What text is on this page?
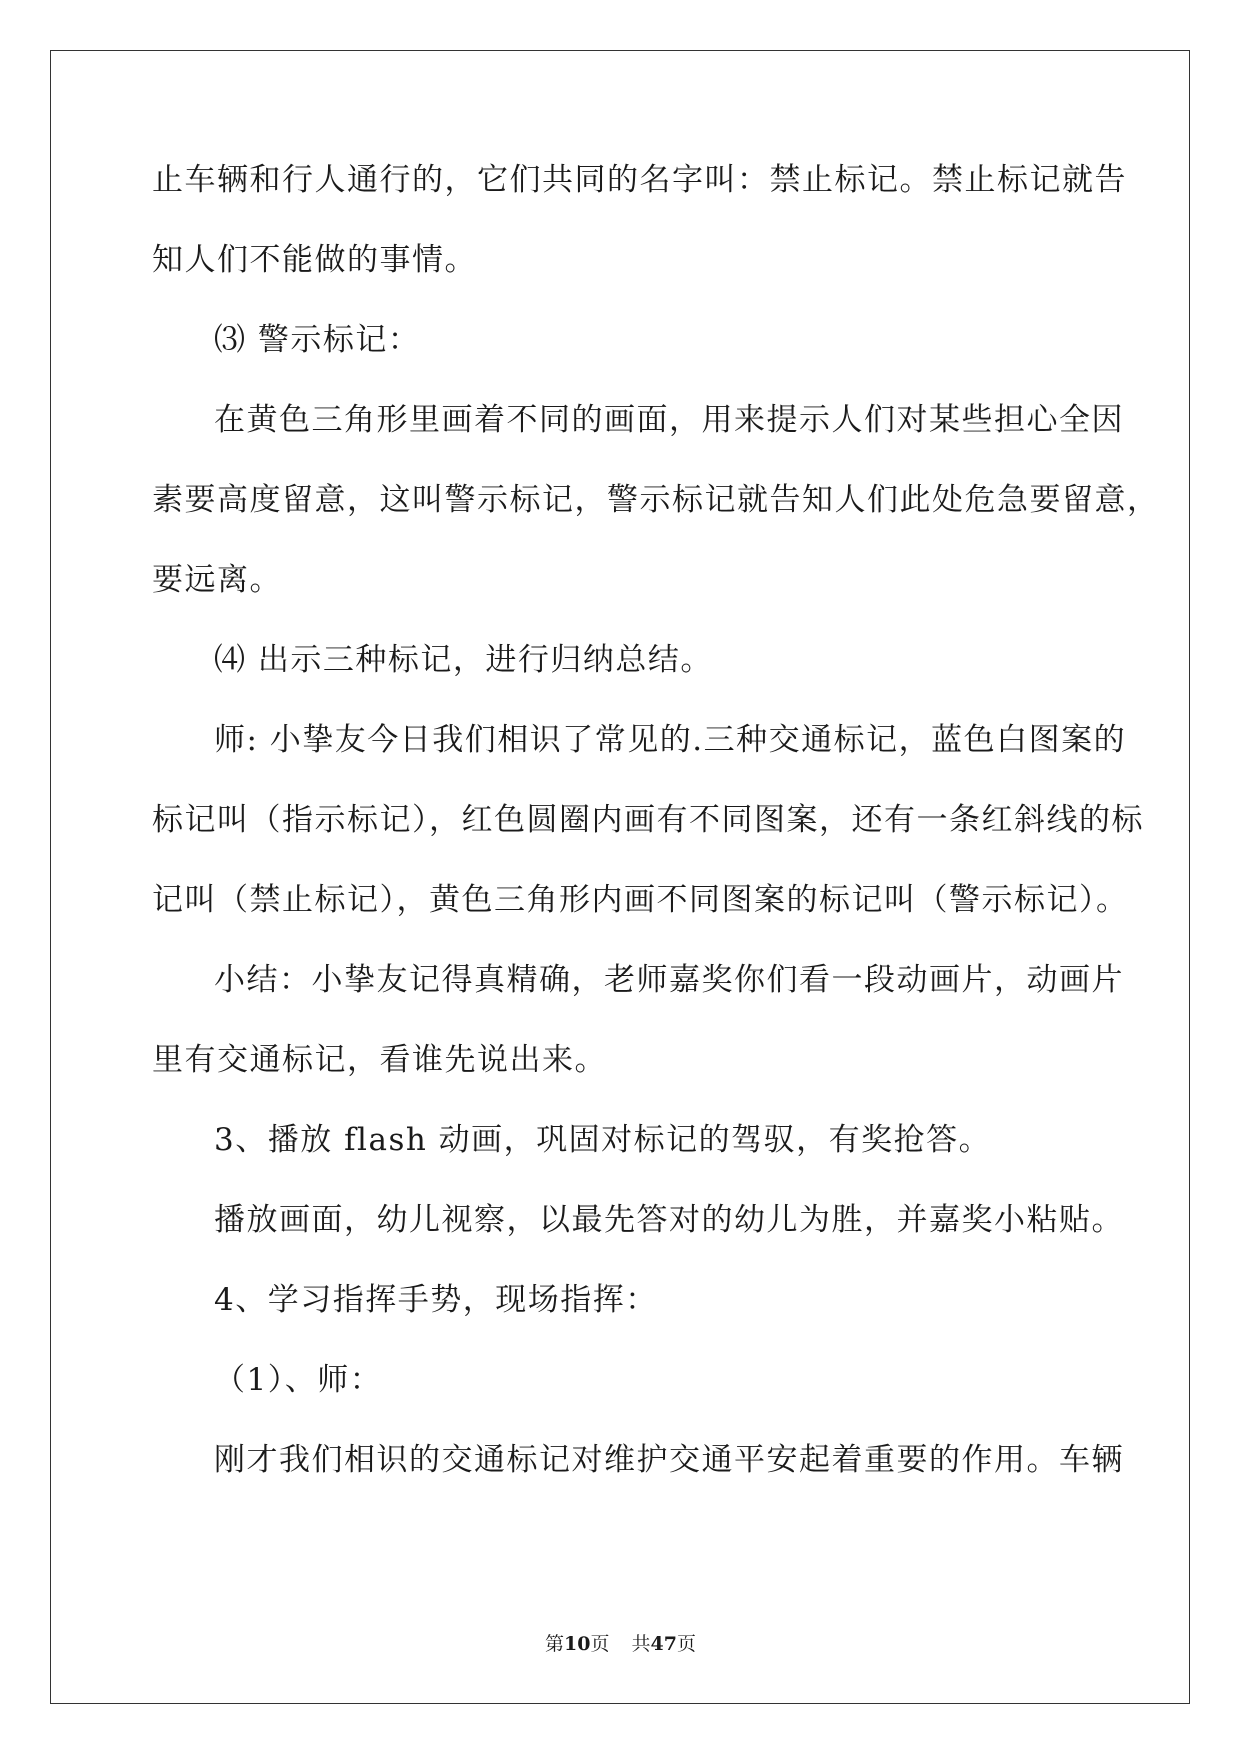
止车辆和行人通行的，它们共同的名字叫：禁止标记。禁止标记就告
知人们不能做的事情。
⑶ 警示标记：
在黄色三角形里画着不同的画面，用来提示人们对某些担心全因
素要高度留意，这叫警示标记，警示标记就告知人们此处危急要留意，
要远离。
⑷ 出示三种标记，进行归纳总结。
师: 小挚友今日我们相识了常见的.三种交通标记，蓝色白图案的
标记叫（指示标记），红色圆圈内画有不同图案，还有一条红斜线的标
记叫（禁止标记），黄色三角形内画不同图案的标记叫（警示标记）。
小结：小挚友记得真精确，老师嘉奖你们看一段动画片，动画片
里有交通标记，看谁先说出来。
3、播放 flash 动画，巩固对标记的驾驭，有奖抢答。
播放画面，幼儿视察，以最先答对的幼儿为胜，并嘉奖小粘贴。
4、学习指挥手势，现场指挥：
（1）、师：
刚才我们相识的交通标记对维护交通平安起着重要的作用。车辆
第10页 共47页
